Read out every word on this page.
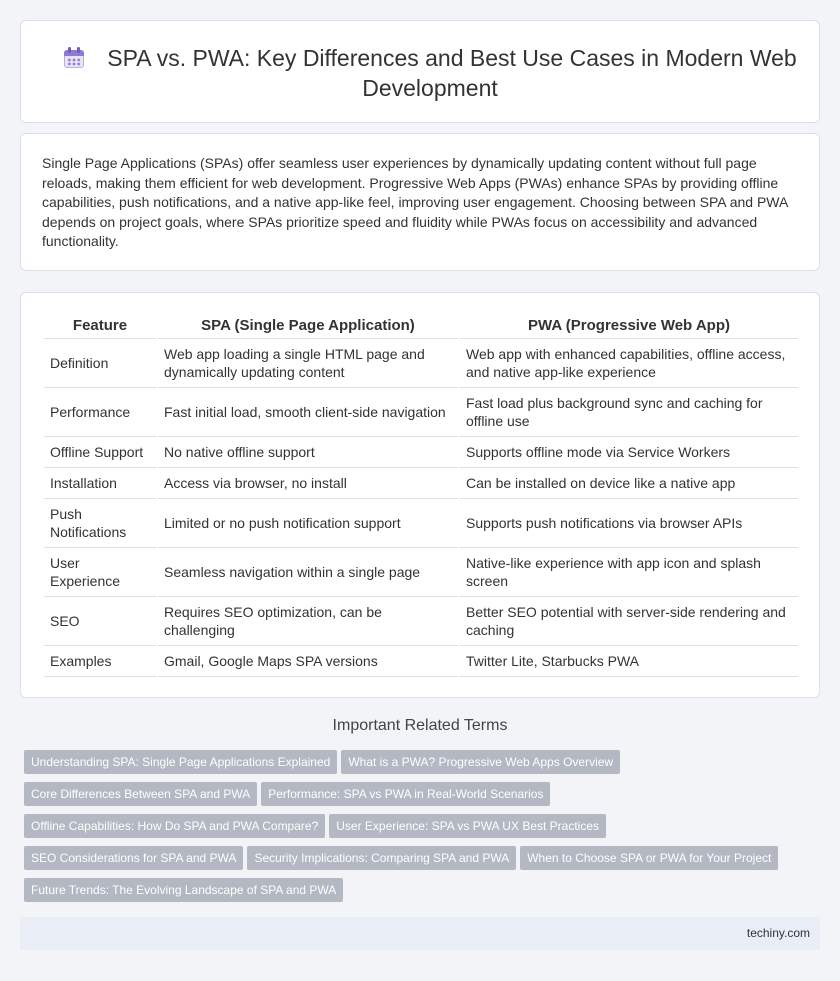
SPA vs. PWA: Key Differences and Best Use Cases in Modern Web Development

Single Page Applications (SPAs) offer seamless user experiences by dynamically updating content without full page reloads, making them efficient for web development. Progressive Web Apps (PWAs) enhance SPAs by providing offline capabilities, push notifications, and a native app-like feel, improving user engagement. Choosing between SPA and PWA depends on project goals, where SPAs prioritize speed and fluidity while PWAs focus on accessibility and advanced functionality.

Feature	SPA (Single Page Application)	PWA (Progressive Web App)
Definition	Web app loading a single HTML page and dynamically updating content	Web app with enhanced capabilities, offline access, and native app-like experience
Performance	Fast initial load, smooth client-side navigation	Fast load plus background sync and caching for offline use
Offline Support	No native offline support	Supports offline mode via Service Workers
Installation	Access via browser, no install	Can be installed on device like a native app
Push Notifications	Limited or no push notification support	Supports push notifications via browser APIs
User Experience	Seamless navigation within a single page	Native-like experience with app icon and splash screen
SEO	Requires SEO optimization, can be challenging	Better SEO potential with server-side rendering and caching
Examples	Gmail, Google Maps SPA versions	Twitter Lite, Starbucks PWA
Important Related Terms
Understanding SPA: Single Page Applications Explained What is a PWA? Progressive Web Apps Overview
Core Differences Between SPA and PWA Performance: SPA vs PWA in Real-World Scenarios
Offline Capabilities: How Do SPA and PWA Compare? User Experience: SPA vs PWA UX Best Practices
SEO Considerations for SPA and PWA Security Implications: Comparing SPA and PWA When to Choose SPA or PWA for Your Project
Future Trends: The Evolving Landscape of SPA and PWA
techiny.com
